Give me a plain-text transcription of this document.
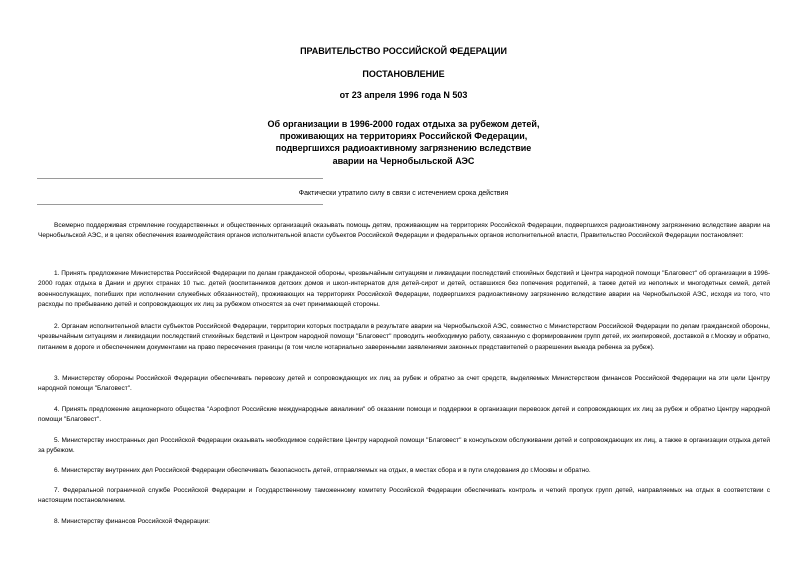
ПРАВИТЕЛЬСТВО РОССИЙСКОЙ ФЕДЕРАЦИИ
ПОСТАНОВЛЕНИЕ
от 23 апреля 1996 года N 503
Об организации в 1996-2000 годах отдыха за рубежом детей,
проживающих на территориях Российской Федерации,
подвергшихся радиоактивному загрязнению вследствие
аварии на Чернобыльской АЭС
Фактически утратило силу в связи с истечением срока действия
Всемерно поддерживая стремление государственных и общественных организаций оказывать помощь детям, проживающим на территориях Российской Федерации, подвергшихся радиоактивному загрязнению вследствие аварии на Чернобыльской АЭС, и в целях обеспечения взаимодействия органов исполнительной власти субъектов Российской Федерации и федеральных органов исполнительной власти, Правительство Российской Федерации постановляет:
1. Принять предложение Министерства Российской Федерации по делам гражданской обороны, чрезвычайным ситуациям и ликвидации последствий стихийных бедствий и Центра народной помощи "Благовест" об организации в 1996-2000 годах отдыха в Дании и других странах 10 тыс. детей (воспитанников детских домов и школ-интернатов для детей-сирот и детей, оставшихся без попечения родителей, а также детей из неполных и многодетных семей, детей военнослужащих, погибших при исполнении служебных обязанностей), проживающих на территориях Российской Федерации, подвергшихся радиоактивному загрязнению вследствие аварии на Чернобыльской АЭС, исходя из того, что расходы по пребыванию детей и сопровождающих их лиц за рубежом относятся за счет принимающей стороны.
2. Органам исполнительной власти субъектов Российской Федерации, территории которых пострадали в результате аварии на Чернобыльской АЭС, совместно с Министерством Российской Федерации по делам гражданской обороны, чрезвычайным ситуациям и ликвидации последствий стихийных бедствий и Центром народной помощи "Благовест" проводить необходимую работу, связанную с формированием групп детей, их экипировкой, доставкой в г.Москву и обратно, питанием в дороге и обеспечением документами на право пересечения границы (в том числе нотариально заверенными заявлениями законных представителей о разрешении выезда ребенка за рубеж).
3. Министерству обороны Российской Федерации обеспечивать перевозку детей и сопровождающих их лиц за рубеж и обратно за счет средств, выделяемых Министерством финансов Российской Федерации на эти цели Центру народной помощи "Благовест".
4. Принять предложение акционерного общества "Аэрофлот Российские международные авиалинии" об оказании помощи и поддержки в организации перевозок детей и сопровождающих их лиц за рубеж и обратно Центру народной помощи "Благовест".
5. Министерству иностранных дел Российской Федерации оказывать необходимое содействие Центру народной помощи "Благовест" в консульском обслуживании детей и сопровождающих их лиц, а также в организации отдыха детей за рубежом.
6. Министерству внутренних дел Российской Федерации обеспечивать безопасность детей, отправляемых на отдых, в местах сбора и в пути следования до г.Москвы и обратно.
7. Федеральной пограничной службе Российской Федерации и Государственному таможенному комитету Российской Федерации обеспечивать контроль и четкий пропуск групп детей, направляемых на отдых в соответствии с настоящим постановлением.
8. Министерству финансов Российской Федерации:
